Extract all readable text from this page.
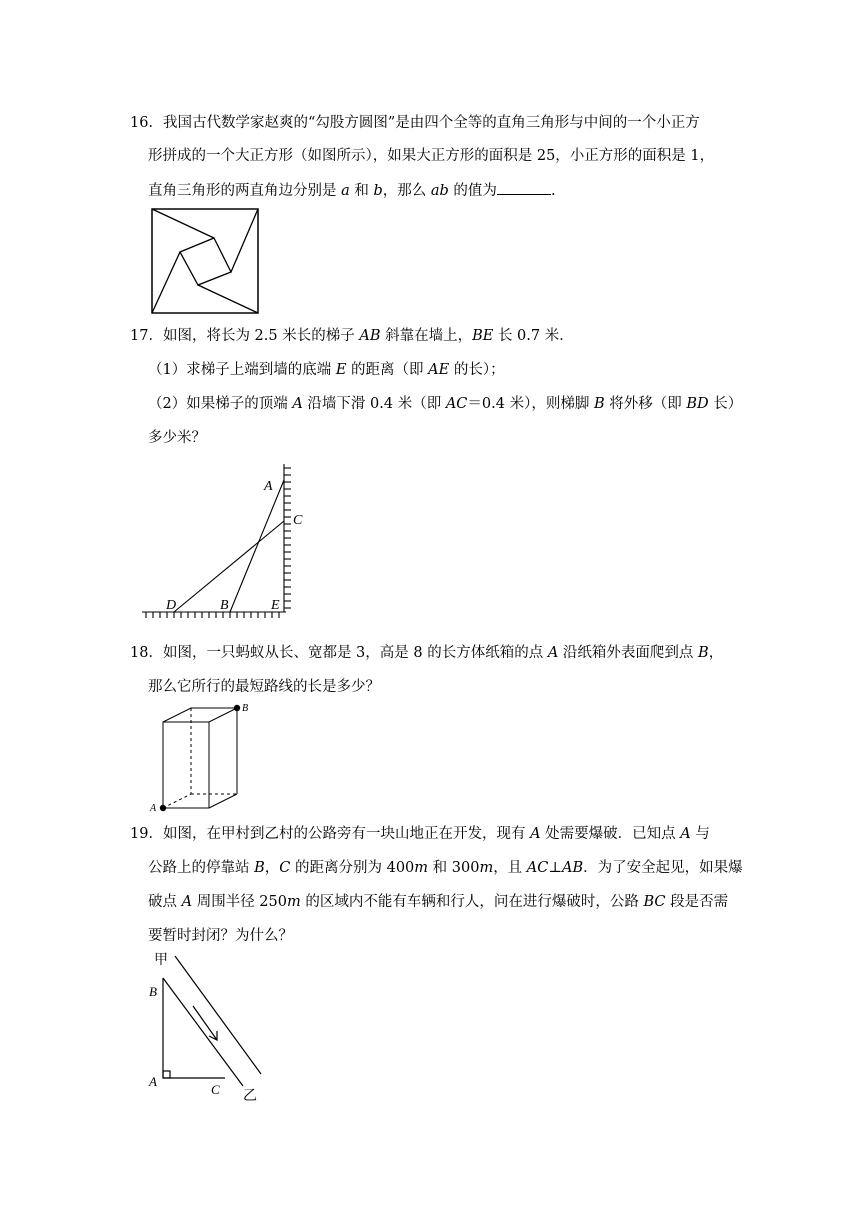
16．我国古代数学家赵爽的“勾股方圆图”是由四个全等的直角三角形与中间的一个小正方
形拼成的一个大正方形（如图所示），如果大正方形的面积是 25，小正方形的面积是 1，
直角三角形的两直角边分别是 a 和 b，那么 ab 的值为	.
17．如图，将长为 2.5 米长的梯子 AB 斜靠在墙上，BE 长 0.7 米．
（1）求梯子上端到墙的底端 E 的距离（即 AE 的长）；
（2）如果梯子的顶端 A 沿墙下滑 0.4 米（即 AC＝0.4 米），则梯脚 B 将外移（即 BD 长）
多少米？
A
C
D	B	E
18．如图，一只蚂蚁从长、宽都是 3，高是 8 的长方体纸箱的点 A 沿纸箱外表面爬到点 B，
那么它所行的最短路线的长是多少？
B
A
19．如图，在甲村到乙村的公路旁有一块山地正在开发，现有 A 处需要爆破．已知点 A 与
公路上的停靠站 B，C 的距离分别为 400m 和 300m，且 AC⊥AB．为了安全起见，如果爆
破点 A 周围半径 250m 的区域内不能有车辆和行人，问在进行爆破时，公路 BC 段是否需
要暂时封闭？为什么？
甲
乙
B
A
C
